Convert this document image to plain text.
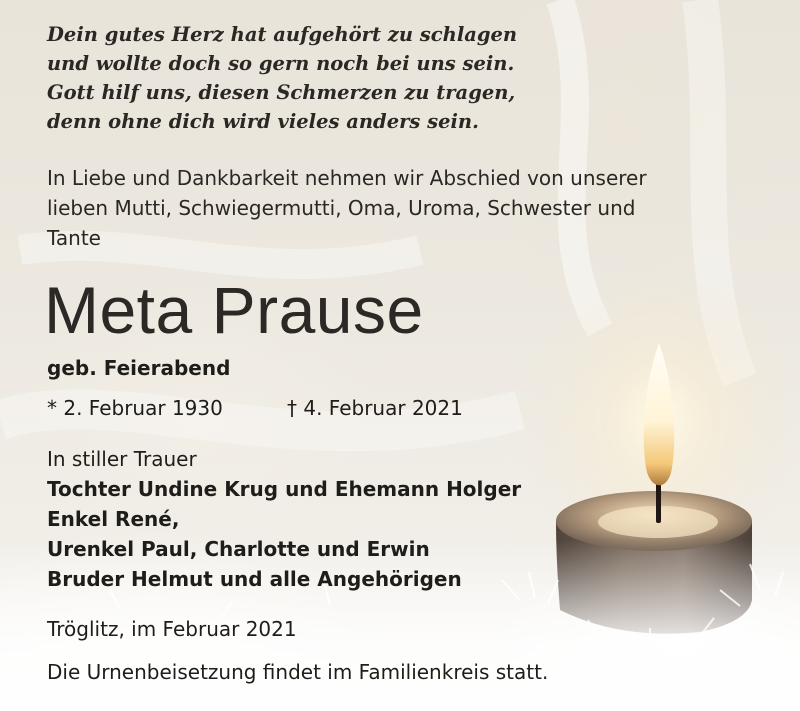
Dein gutes Herz hat aufgehört zu schlagen
und wollte doch so gern noch bei uns sein.
Gott hilf uns, diesen Schmerzen zu tragen,
denn ohne dich wird vieles anders sein.
In Liebe und Dankbarkeit nehmen wir Abschied von unserer
lieben Mutti, Schwiegermutti, Oma, Uroma, Schwester und
Tante
Meta Prause
geb. Feierabend
* 2. Februar 1930	† 4. Februar 2021
In stiller Trauer
Tochter Undine Krug und Ehemann Holger
Enkel René,
Urenkel Paul, Charlotte und Erwin
Bruder Helmut und alle Angehörigen
Tröglitz, im Februar 2021
Die Urnenbeisetzung findet im Familienkreis statt.
